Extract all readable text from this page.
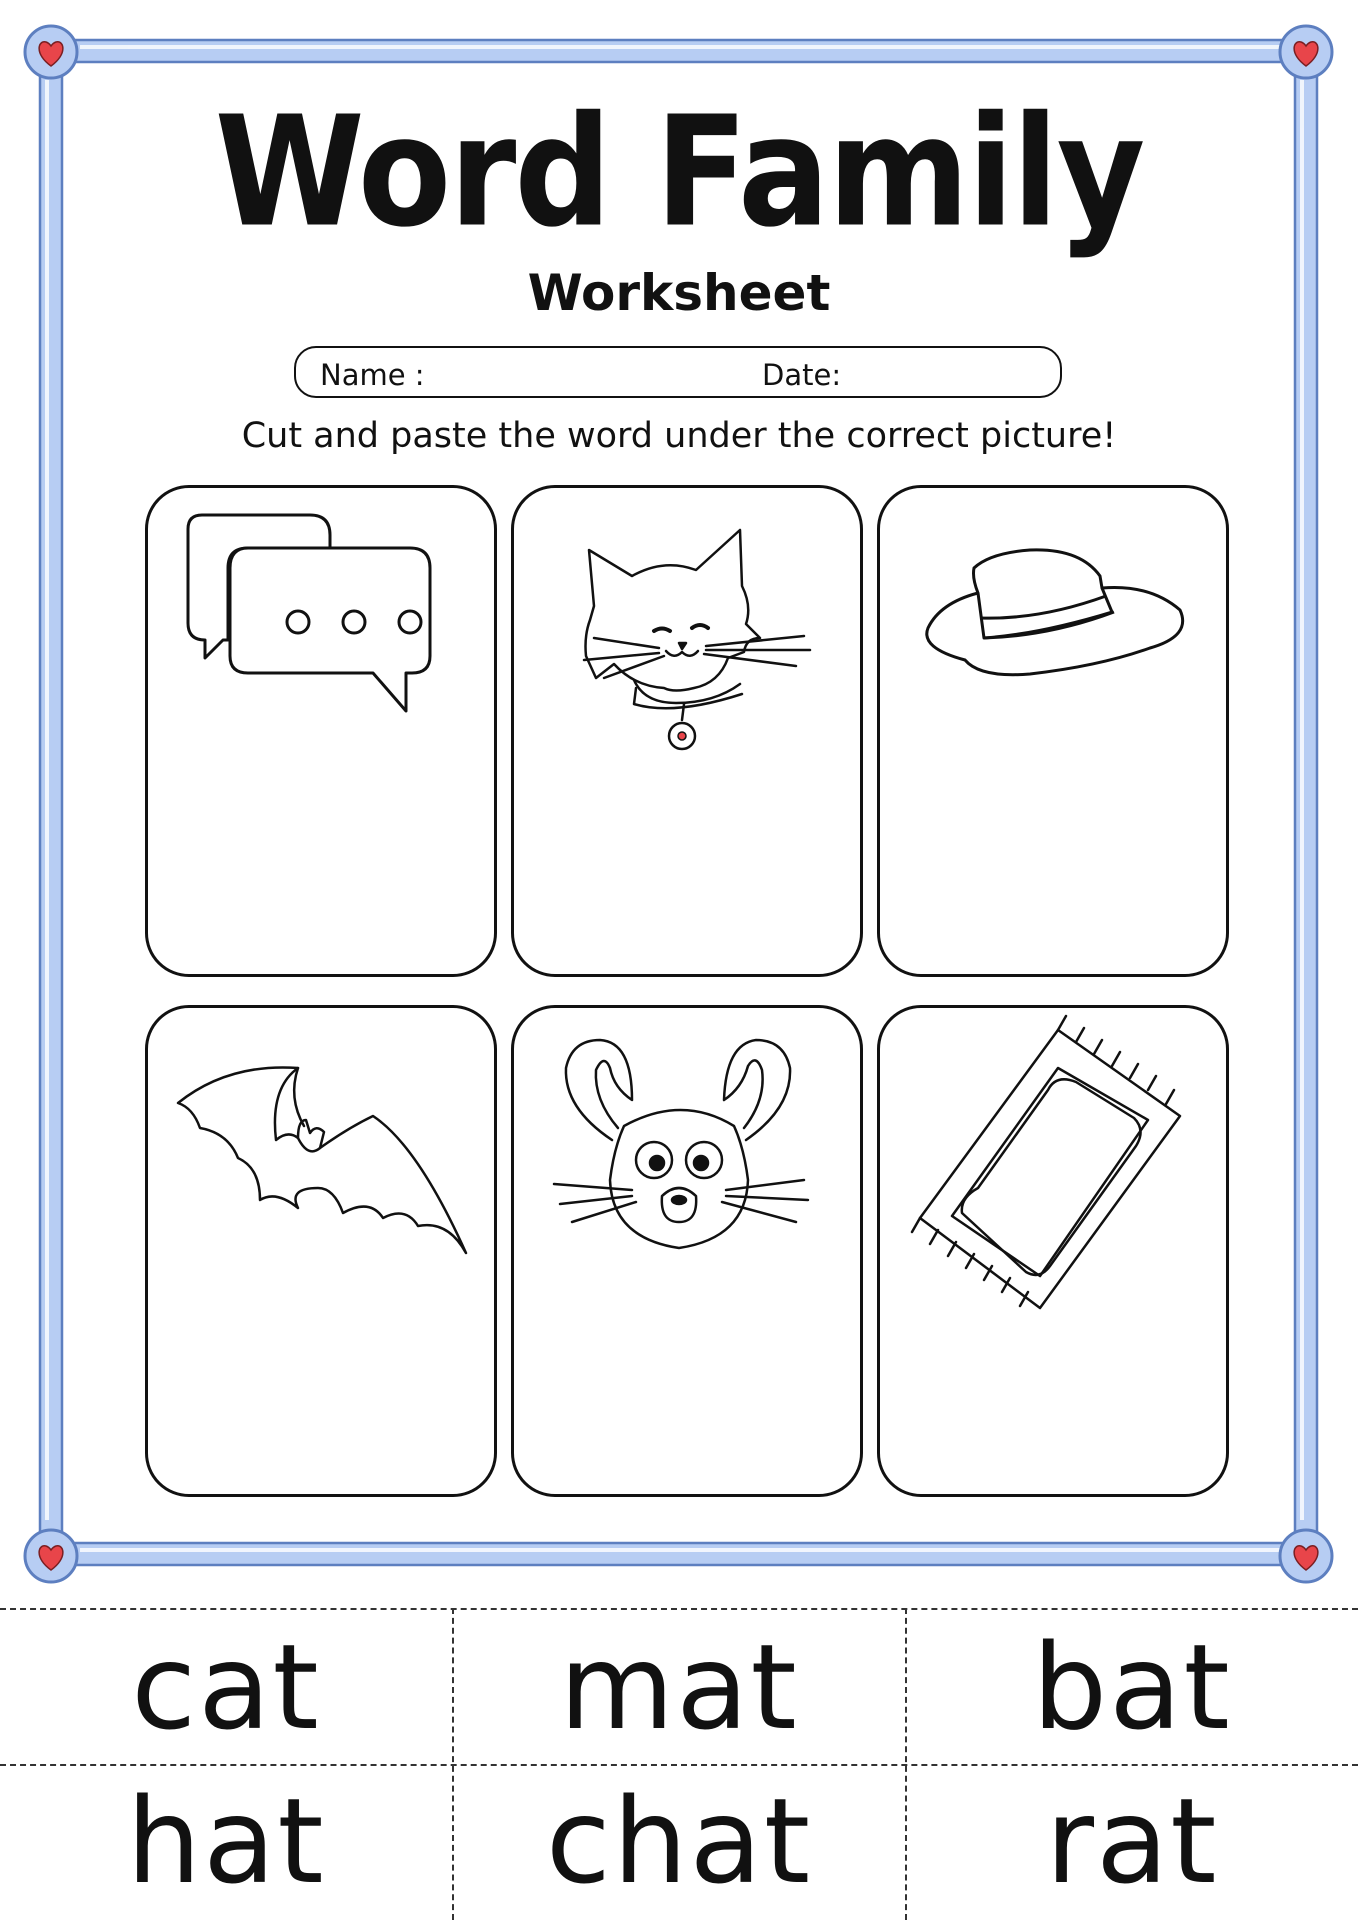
Word Family
Worksheet
Name :	Date:
Cut and paste the word under the correct picture!
cat	mat	bat
hat	chat	rat
